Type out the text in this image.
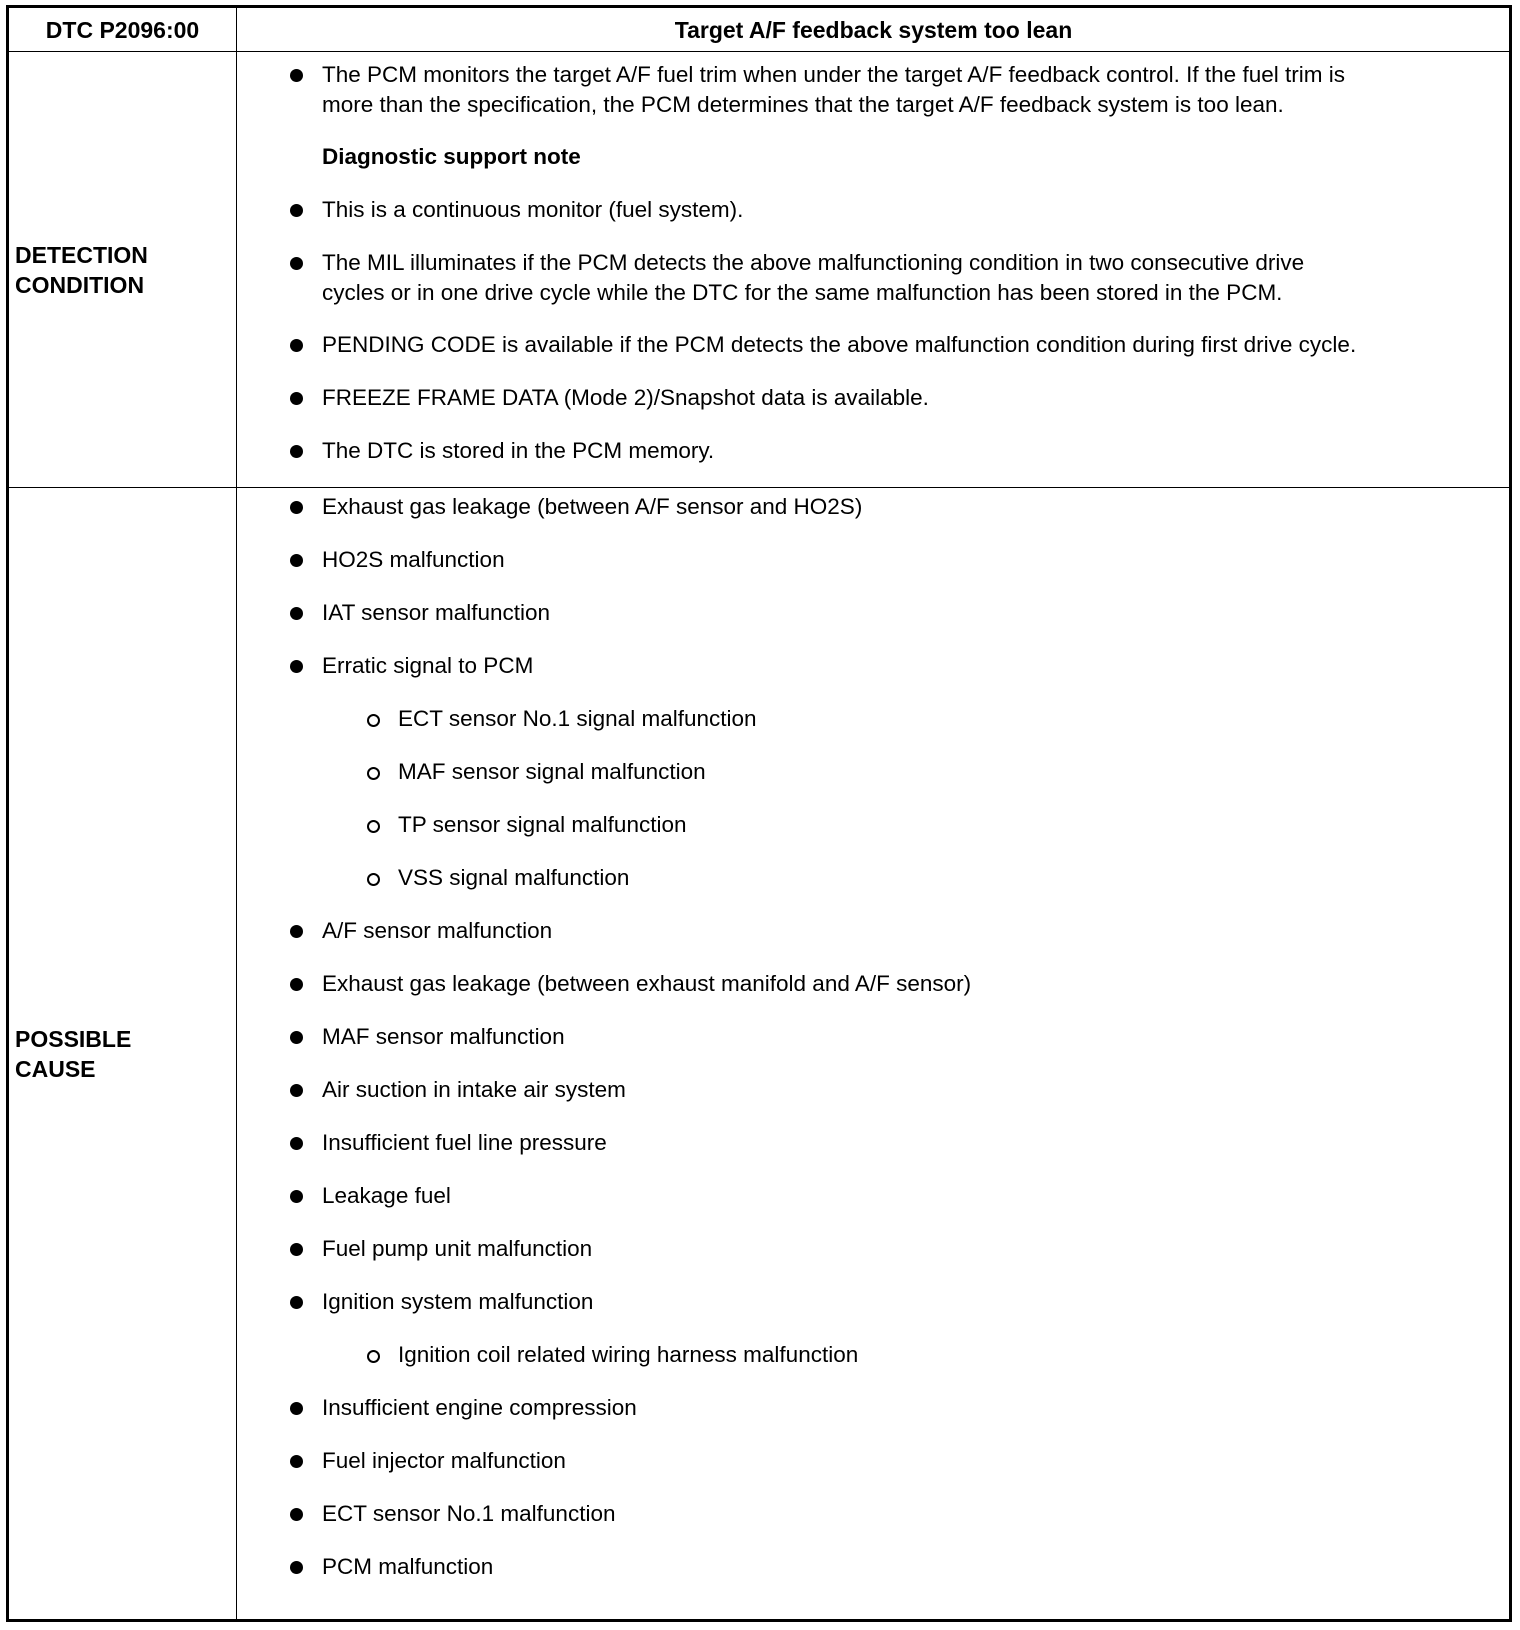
DTC P2096:00	Target A/F feedback system too lean
DETECTION
CONDITION
The PCM monitors the target A/F fuel trim when under the target A/F feedback control. If the fuel trim is
more than the specification, the PCM determines that the target A/F feedback system is too lean.
Diagnostic support note
This is a continuous monitor (fuel system).
The MIL illuminates if the PCM detects the above malfunctioning condition in two consecutive drive
cycles or in one drive cycle while the DTC for the same malfunction has been stored in the PCM.
PENDING CODE is available if the PCM detects the above malfunction condition during first drive cycle.
FREEZE FRAME DATA (Mode 2)/Snapshot data is available.
The DTC is stored in the PCM memory.
POSSIBLE
CAUSE
Exhaust gas leakage (between A/F sensor and HO2S)
HO2S malfunction
IAT sensor malfunction
Erratic signal to PCM
ECT sensor No.1 signal malfunction
MAF sensor signal malfunction
TP sensor signal malfunction
VSS signal malfunction
A/F sensor malfunction
Exhaust gas leakage (between exhaust manifold and A/F sensor)
MAF sensor malfunction
Air suction in intake air system
Insufficient fuel line pressure
Leakage fuel
Fuel pump unit malfunction
Ignition system malfunction
Ignition coil related wiring harness malfunction
Insufficient engine compression
Fuel injector malfunction
ECT sensor No.1 malfunction
PCM malfunction
